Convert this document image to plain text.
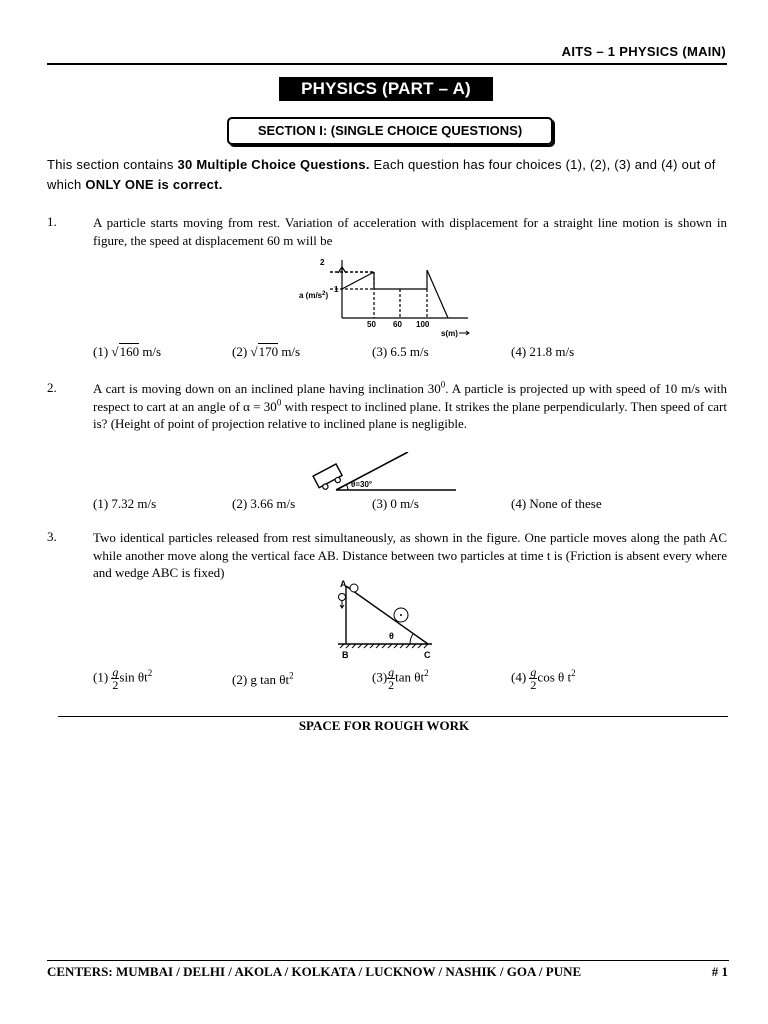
AITS – 1 PHYSICS (MAIN)
PHYSICS (PART – A)
SECTION I: (SINGLE CHOICE QUESTIONS)
This section contains 30 Multiple Choice Questions. Each question has four choices (1), (2), (3) and (4) out of which ONLY ONE is correct.
1.	A particle starts moving from rest. Variation of acceleration with displacement for a straight line motion is shown in figure, the speed at displacement 60 m will be
2
1
a $(m/s^2)$
50 60 100
s(m)
(1) √160 m/s	(2) √170 m/s	(3) 6.5 m/s	(4) 21.8 m/s
2.	A cart is moving down on an inclined plane having inclination $30^0$. A particle is projected up with speed of 10 m/s with respect to cart at an angle of $\alpha = 30^0$ with respect to inclined plane. It strikes the plane perpendicularly. Then speed of cart is? (Height of point of projection relative to inclined plane is negligible.
θ=30°
(1) 7.32 m/s	(2) 3.66 m/s	(3) 0 m/s	(4) None of these
3.	Two identical particles released from rest simultaneously, as shown in the figure. One particle moves along the path AC while another move along the vertical face AB. Distance between two particles at time t is (Friction is absent every where and wedge ABC is fixed)
A
B	C
θ
$(1) \frac{g}{2}$ $\sin \theta t^2$	(2) g $\tan \theta t^2$	$(3) \frac{g}{2}$ $\tan \theta t^2$	$(4) \frac{g}{2}$ cos θ $t^2$
SPACE FOR ROUGH WORK
CENTERS: MUMBAI / DELHI / AKOLA / KOLKATA / LUCKNOW / NASHIK / GOA / PUNE	# 1
